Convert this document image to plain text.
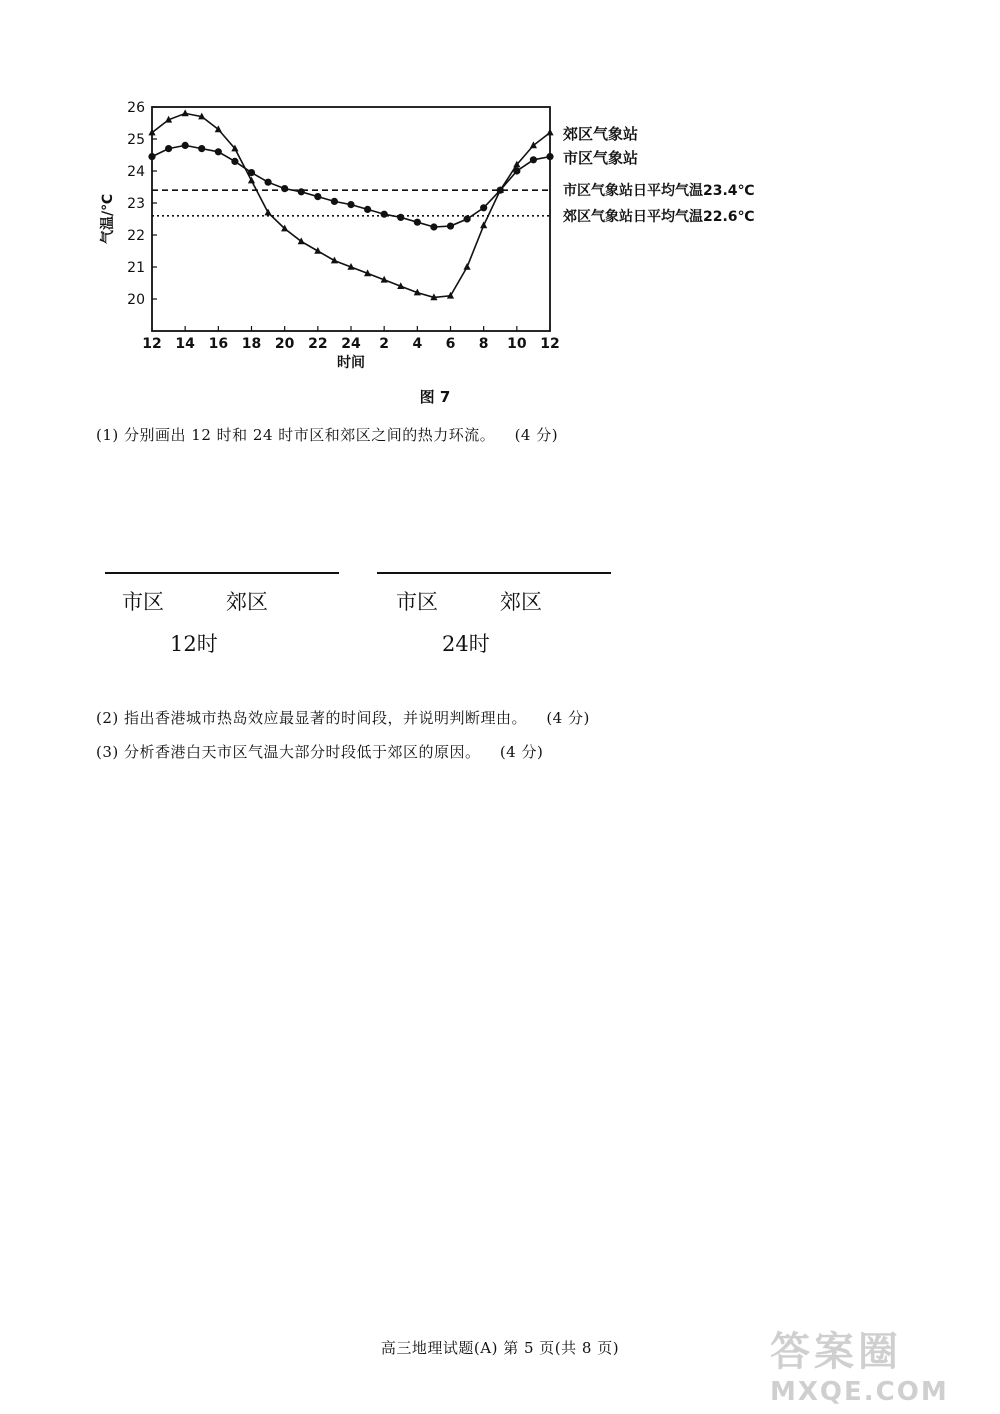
20
21
22
23
24
25
26
12 14 16 18 20 22 24 2 4 6 8 10 12
时间
气温/℃
市区气象站日平均气温23.4℃
郊区气象站日平均气温22.6℃
郊区气象站
市区气象站
图 7
(1) 分别画出 12 时和 24 时市区和郊区之间的热力环流。 (4 分)
市区	郊区
12时
市区	郊区
24时
(2) 指出香港城市热岛效应最显著的时间段，并说明判断理由。 (4 分)
(3) 分析香港白天市区气温大部分时段低于郊区的原因。 (4 分)
高三地理试题(A) 第 5 页(共 8 页)	答案圈
MXQE.COM
